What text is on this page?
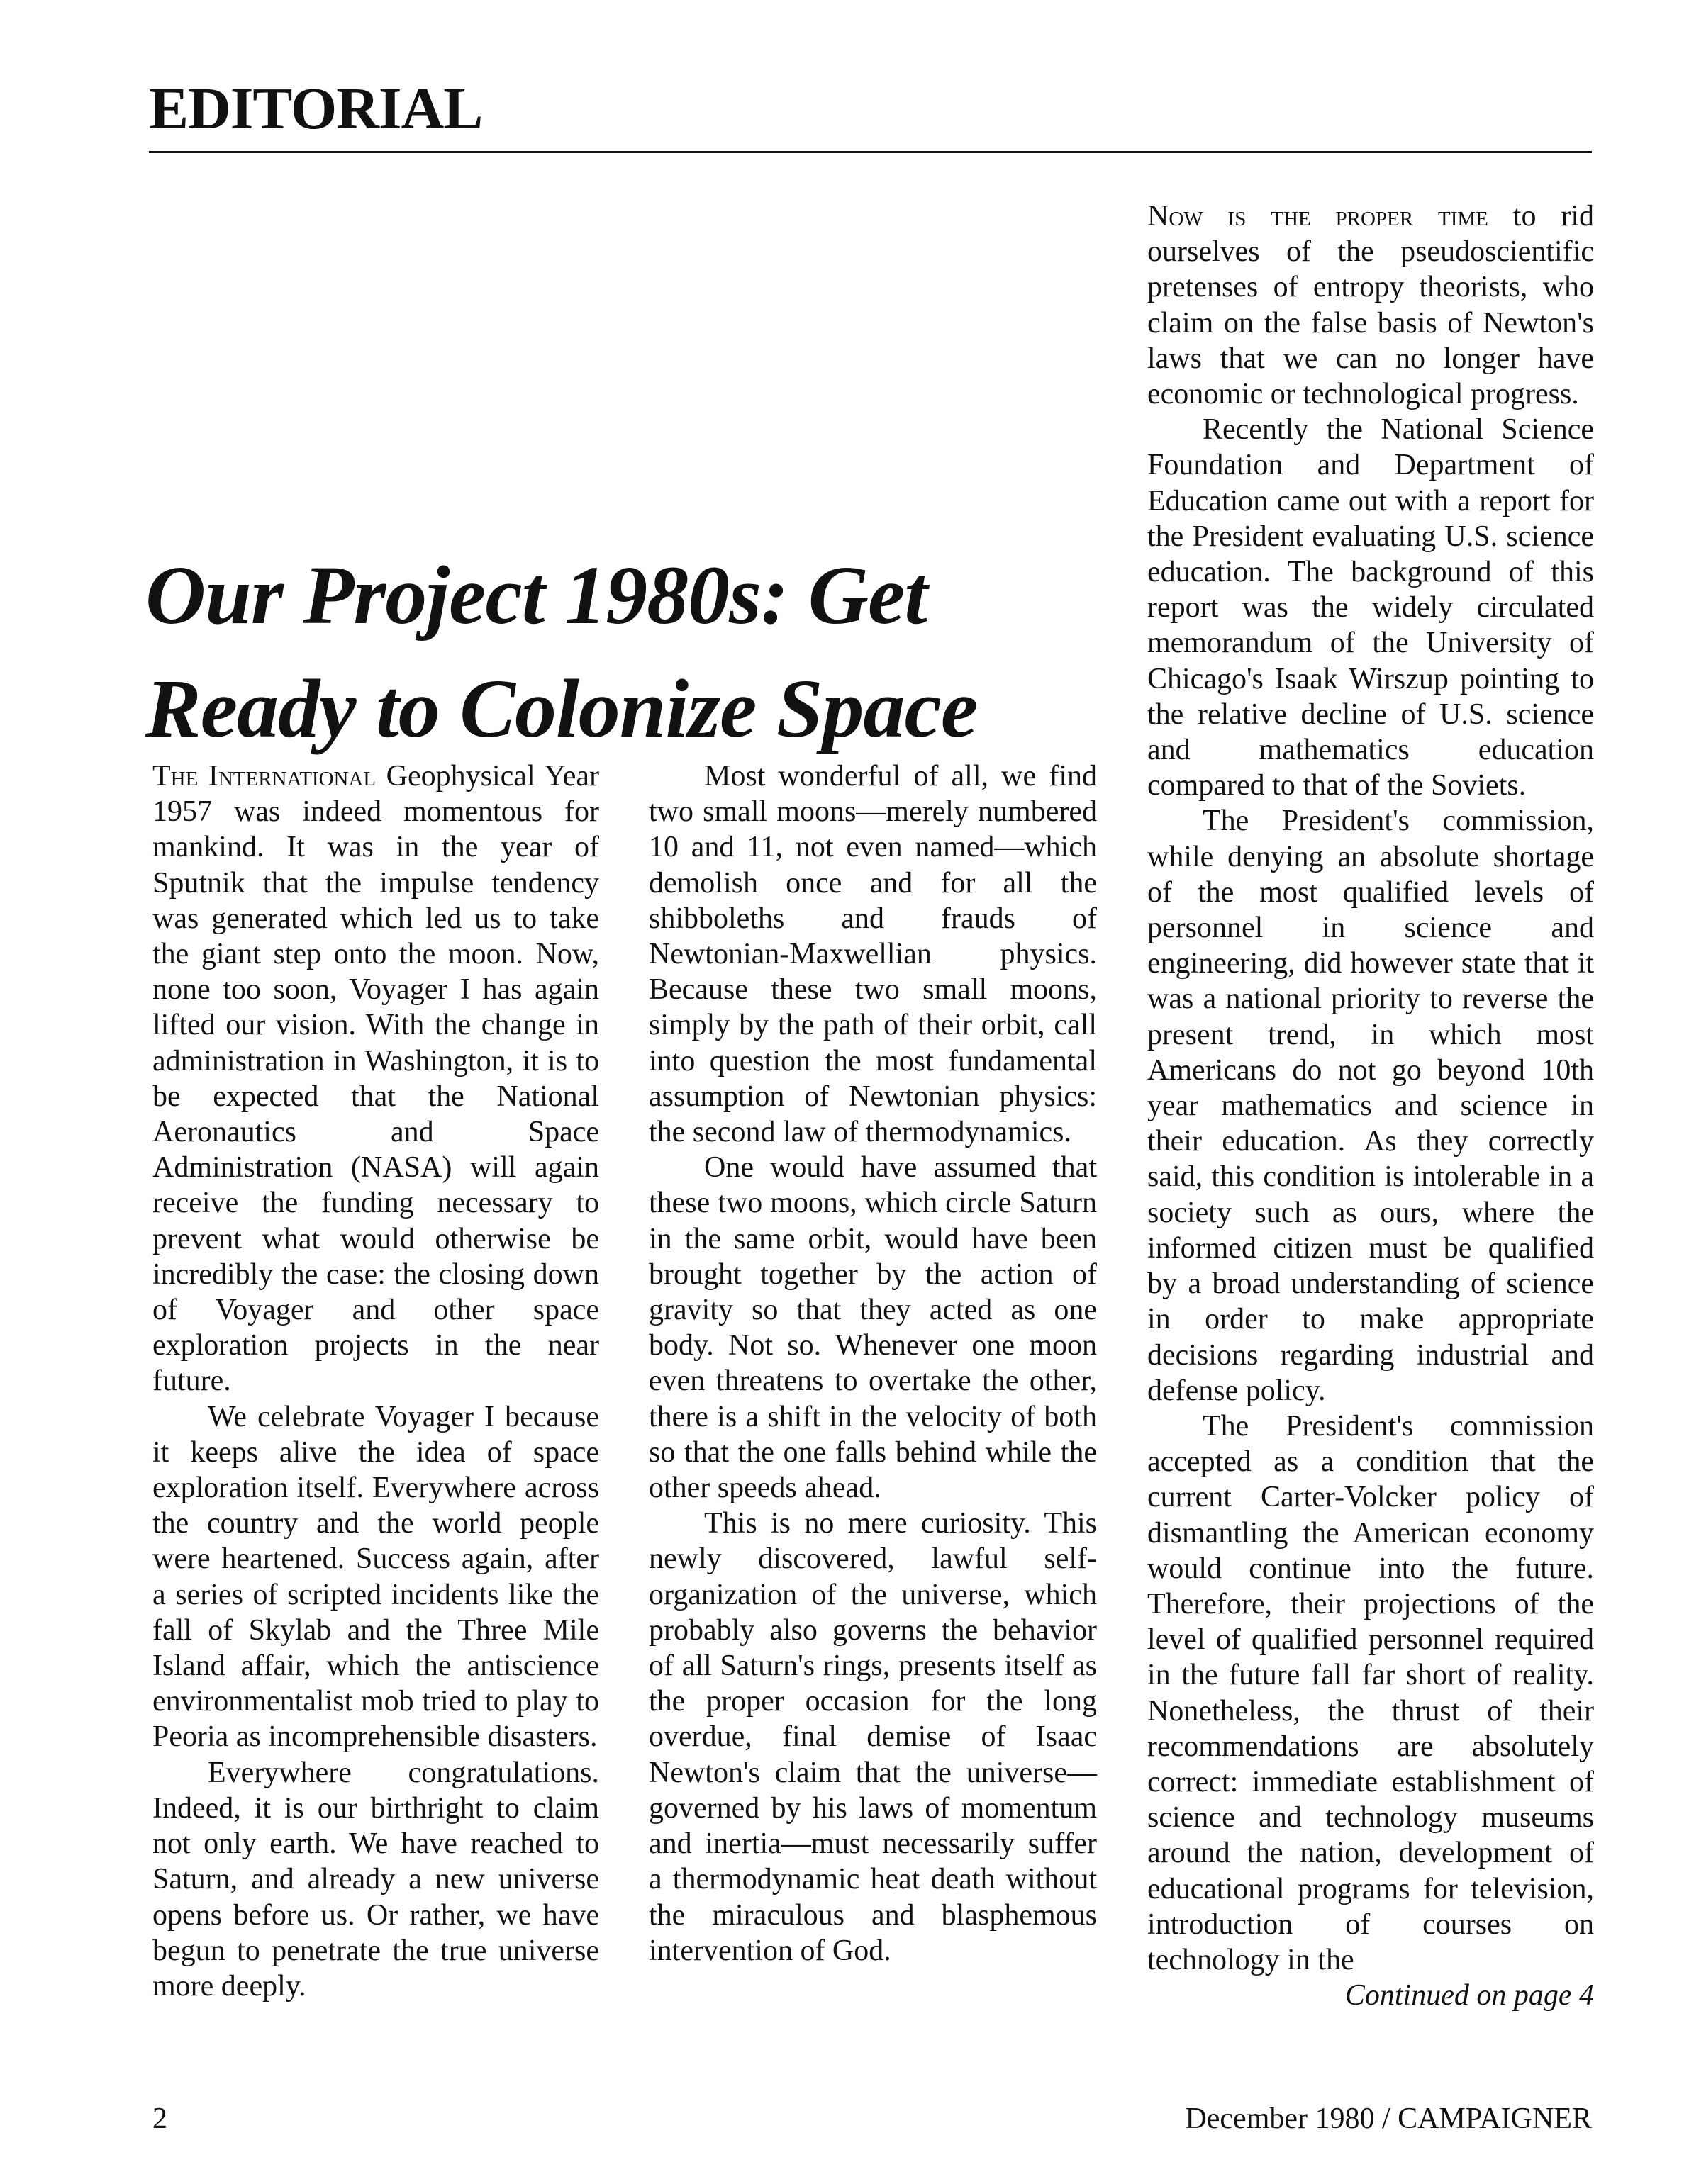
EDITORIAL
Our Project 1980s: Get Ready to Colonize Space

The International Geophysical Year 1957 was indeed momentous for mankind. It was in the year of Sputnik that the impulse tendency was generated which led us to take the giant step onto the moon. Now, none too soon, Voyager I has again lifted our vision. With the change in administration in Washington, it is to be expected that the National Aeronautics and Space Administration (NASA) will again receive the funding necessary to prevent what would otherwise be incredibly the case: the closing down of Voyager and other space exploration projects in the near future.

We celebrate Voyager I because it keeps alive the idea of space exploration itself. Everywhere across the country and the world people were heartened. Success again, after a series of scripted incidents like the fall of Skylab and the Three Mile Island affair, which the antiscience environmentalist mob tried to play to Peoria as incomprehensible disasters.

Everywhere congratulations. Indeed, it is our birthright to claim not only earth. We have reached to Saturn, and already a new universe opens before us. Or rather, we have begun to penetrate the true universe more deeply.

Most wonderful of all, we find two small moons—merely numbered 10 and 11, not even named—which demolish once and for all the shibboleths and frauds of Newtonian-Maxwellian physics. Because these two small moons, simply by the path of their orbit, call into question the most fundamental assumption of Newtonian physics: the second law of thermodynamics.

One would have assumed that these two moons, which circle Saturn in the same orbit, would have been brought together by the action of gravity so that they acted as one body. Not so. Whenever one moon even threatens to overtake the other, there is a shift in the velocity of both so that the one falls behind while the other speeds ahead.

This is no mere curiosity. This newly discovered, lawful self-organization of the universe, which probably also governs the behavior of all Saturn's rings, presents itself as the proper occasion for the long overdue, final demise of Isaac Newton's claim that the universe—governed by his laws of momentum and inertia—must necessarily suffer a thermodynamic heat death without the miraculous and blasphemous intervention of God.

Now is the proper time to rid ourselves of the pseudoscientific pretenses of entropy theorists, who claim on the false basis of Newton's laws that we can no longer have economic or technological progress.

Recently the National Science Foundation and Department of Education came out with a report for the President evaluating U.S. science education. The background of this report was the widely circulated memorandum of the University of Chicago's Isaak Wirszup pointing to the relative decline of U.S. science and mathematics education compared to that of the Soviets.

The President's commission, while denying an absolute shortage of the most qualified levels of personnel in science and engineering, did however state that it was a national priority to reverse the present trend, in which most Americans do not go beyond 10th year mathematics and science in their education. As they correctly said, this condition is intolerable in a society such as ours, where the informed citizen must be qualified by a broad understanding of science in order to make appropriate decisions regarding industrial and defense policy.

The President's commission accepted as a condition that the current Carter-Volcker policy of dismantling the American economy would continue into the future. Therefore, their projections of the level of qualified personnel required in the future fall far short of reality. Nonetheless, the thrust of their recommendations are absolutely correct: immediate establishment of science and technology museums around the nation, development of educational programs for television, introduction of courses on technology in the

Continued on page 4

2	December 1980 / CAMPAIGNER
